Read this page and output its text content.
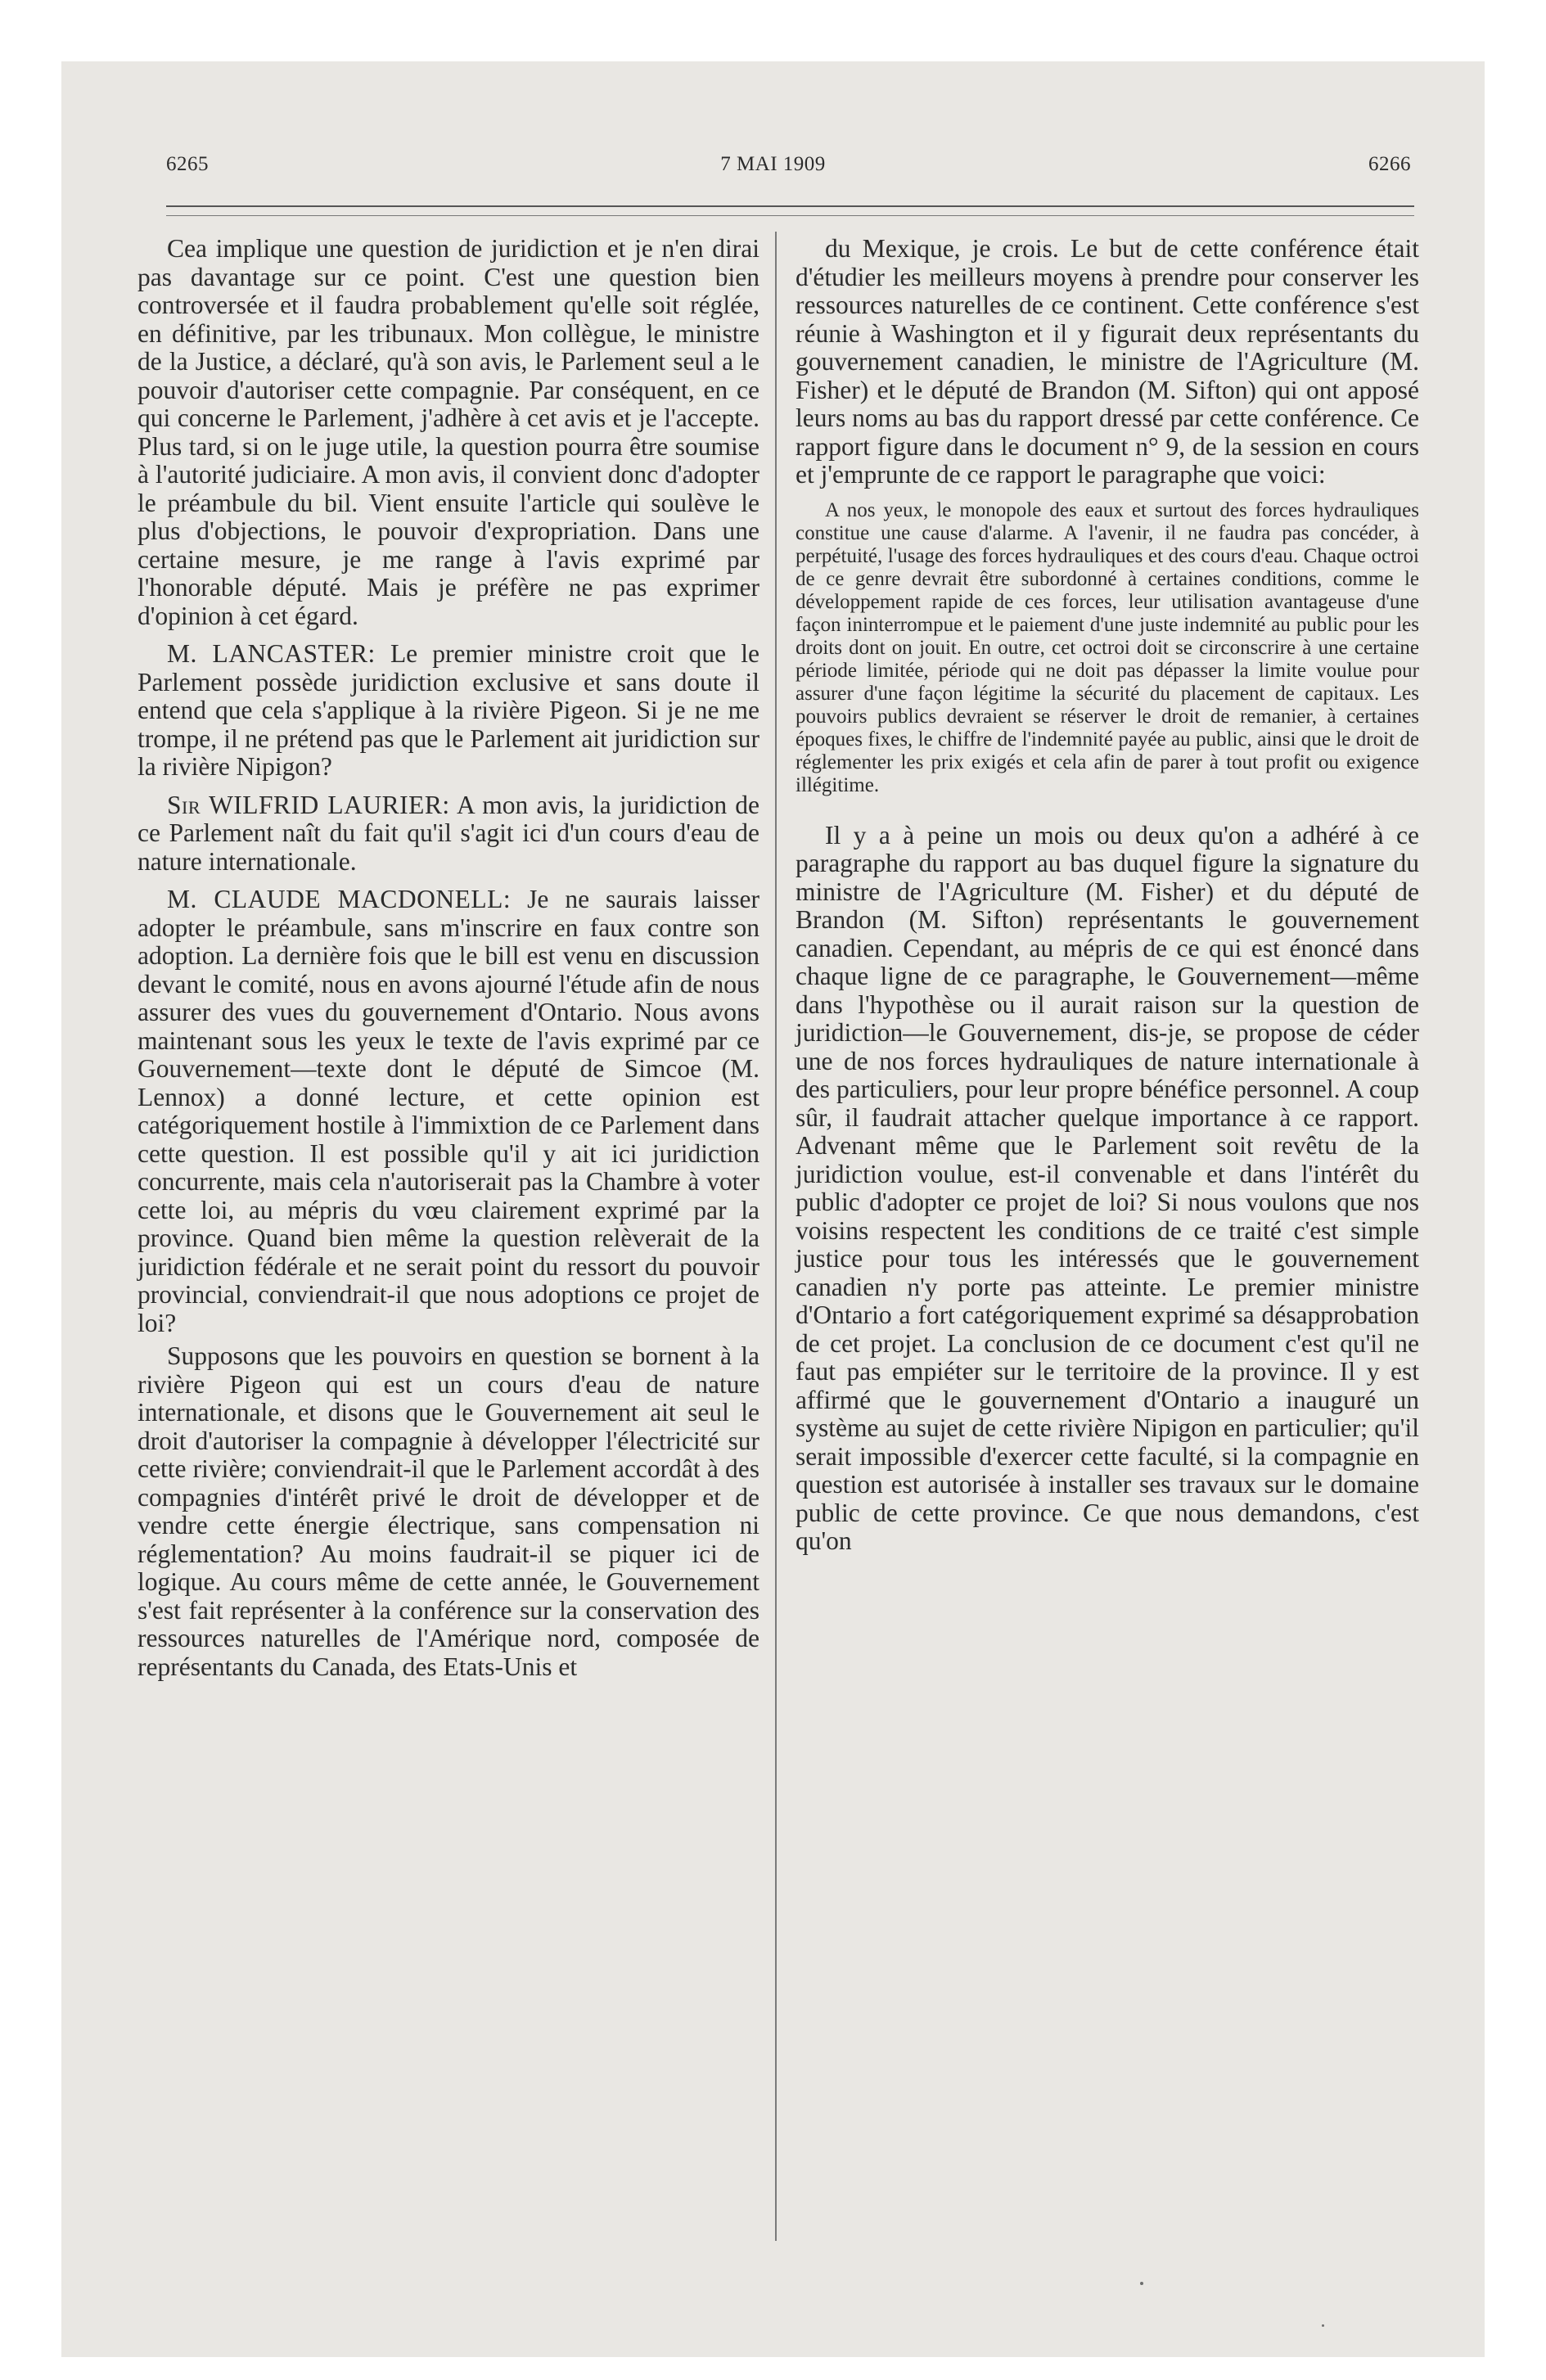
6265	7 MAI 1909	6266

Cea implique une question de juridiction et je n'en dirai pas davantage sur ce point. C'est une question bien controversée et il faudra probablement qu'elle soit réglée, en définitive, par les tribunaux. Mon collègue, le ministre de la Justice, a déclaré, qu'à son avis, le Parlement seul a le pouvoir d'autoriser cette compagnie. Par conséquent, en ce qui concerne le Parlement, j'adhère à cet avis et je l'accepte. Plus tard, si on le juge utile, la question pourra être soumise à l'autorité judiciaire. A mon avis, il convient donc d'adopter le préambule du bil. Vient ensuite l'article qui soulève le plus d'objections, le pouvoir d'expropriation. Dans une certaine mesure, je me range à l'avis exprimé par l'honorable député. Mais je préfère ne pas exprimer d'opinion à cet égard.

M. LANCASTER: Le premier ministre croit que le Parlement possède juridiction exclusive et sans doute il entend que cela s'applique à la rivière Pigeon. Si je ne me trompe, il ne prétend pas que le Parlement ait juridiction sur la rivière Nipigon?

Sir WILFRID LAURIER: A mon avis, la juridiction de ce Parlement naît du fait qu'il s'agit ici d'un cours d'eau de nature internationale.

M. CLAUDE MACDONELL: Je ne saurais laisser adopter le préambule, sans m'inscrire en faux contre son adoption. La dernière fois que le bill est venu en discussion devant le comité, nous en avons ajourné l'étude afin de nous assurer des vues du gouvernement d'Ontario. Nous avons maintenant sous les yeux le texte de l'avis exprimé par ce Gouvernement—texte dont le député de Simcoe (M. Lennox) a donné lecture, et cette opinion est catégoriquement hostile à l'immixtion de ce Parlement dans cette question. Il est possible qu'il y ait ici juridiction concurrente, mais cela n'autoriserait pas la Chambre à voter cette loi, au mépris du vœu clairement exprimé par la province. Quand bien même la question relèverait de la juridiction fédérale et ne serait point du ressort du pouvoir provincial, conviendrait-il que nous adoptions ce projet de loi?

Supposons que les pouvoirs en question se bornent à la rivière Pigeon qui est un cours d'eau de nature internationale, et disons que le Gouvernement ait seul le droit d'autoriser la compagnie à développer l'électricité sur cette rivière; conviendrait-il que le Parlement accordât à des compagnies d'intérêt privé le droit de développer et de vendre cette énergie électrique, sans compensation ni réglementation? Au moins faudrait-il se piquer ici de logique. Au cours même de cette année, le Gouvernement s'est fait représenter à la conférence sur la conservation des ressources naturelles de l'Amérique nord, composée de représentants du Canada, des Etats-Unis et

du Mexique, je crois. Le but de cette conférence était d'étudier les meilleurs moyens à prendre pour conserver les ressources naturelles de ce continent. Cette conférence s'est réunie à Washington et il y figurait deux représentants du gouvernement canadien, le ministre de l'Agriculture (M. Fisher) et le député de Brandon (M. Sifton) qui ont apposé leurs noms au bas du rapport dressé par cette conférence. Ce rapport figure dans le document n° 9, de la session en cours et j'emprunte de ce rapport le paragraphe que voici:

A nos yeux, le monopole des eaux et surtout des forces hydrauliques constitue une cause d'alarme. A l'avenir, il ne faudra pas concéder, à perpétuité, l'usage des forces hydrauliques et des cours d'eau. Chaque octroi de ce genre devrait être subordonné à certaines conditions, comme le développement rapide de ces forces, leur utilisation avantageuse d'une façon ininterrompue et le paiement d'une juste indemnité au public pour les droits dont on jouit. En outre, cet octroi doit se circonscrire à une certaine période limitée, période qui ne doit pas dépasser la limite voulue pour assurer d'une façon légitime la sécurité du placement de capitaux. Les pouvoirs publics devraient se réserver le droit de remanier, à certaines époques fixes, le chiffre de l'indemnité payée au public, ainsi que le droit de réglementer les prix exigés et cela afin de parer à tout profit ou exigence illégitime.

Il y a à peine un mois ou deux qu'on a adhéré à ce paragraphe du rapport au bas duquel figure la signature du ministre de l'Agriculture (M. Fisher) et du député de Brandon (M. Sifton) représentants le gouvernement canadien. Cependant, au mépris de ce qui est énoncé dans chaque ligne de ce paragraphe, le Gouvernement—même dans l'hypothèse ou il aurait raison sur la question de juridiction—le Gouvernement, dis-je, se propose de céder une de nos forces hydrauliques de nature internationale à des particuliers, pour leur propre bénéfice personnel. A coup sûr, il faudrait attacher quelque importance à ce rapport. Advenant même que le Parlement soit revêtu de la juridiction voulue, est-il convenable et dans l'intérêt du public d'adopter ce projet de loi? Si nous voulons que nos voisins respectent les conditions de ce traité c'est simple justice pour tous les intéressés que le gouvernement canadien n'y porte pas atteinte. Le premier ministre d'Ontario a fort catégoriquement exprimé sa désapprobation de cet projet. La conclusion de ce document c'est qu'il ne faut pas empiéter sur le territoire de la province. Il y est affirmé que le gouvernement d'Ontario a inauguré un système au sujet de cette rivière Nipigon en particulier; qu'il serait impossible d'exercer cette faculté, si la compagnie en question est autorisée à installer ses travaux sur le domaine public de cette province. Ce que nous demandons, c'est qu'on
